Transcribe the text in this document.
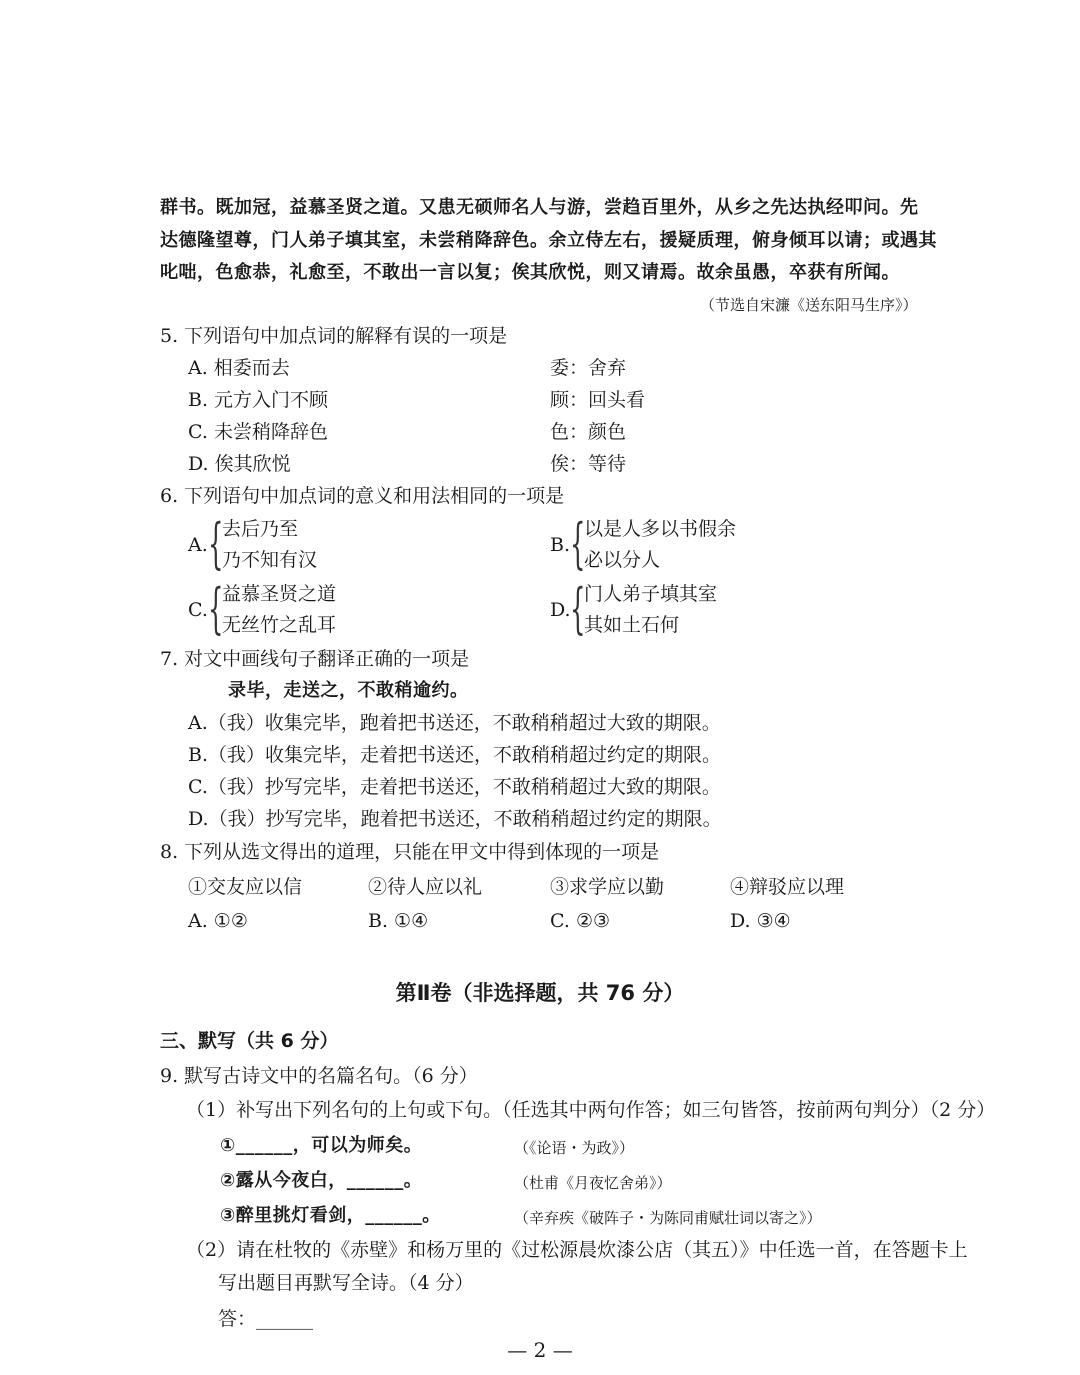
群书。既加冠，益慕圣贤之道。又患无硕师名人与游，尝趋百里外，从乡之先达执经叩问。先
达德隆望尊，门人弟子填其室，未尝稍降辞色。余立侍左右，援疑质理，俯身倾耳以请；或遇其
叱咄，色愈恭，礼愈至，不敢出一言以复；俟其欣悦，则又请焉。故余虽愚，卒获有所闻。
（节选自宋濂《送东阳马生序》）
5. 下列语句中加点词的解释有误的一项是
A. 相委而去	委：舍弃
B. 元方入门不顾	顾：回头看
C. 未尝稍降辞色	色：颜色
D. 俟其欣悦	俟：等待
6. 下列语句中加点词的意义和用法相同的一项是
A. {
去后乃至
乃不知有汉
B. {
以是人多以书假余
必以分人
C. {
益慕圣贤之道
无丝竹之乱耳
D. {
门人弟子填其室
其如土石何
7. 对文中画线句子翻译正确的一项是
录毕，走送之，不敢稍逾约。
A.（我）收集完毕，跑着把书送还，不敢稍稍超过大致的期限。
B.（我）收集完毕，走着把书送还，不敢稍稍超过约定的期限。
C.（我）抄写完毕，走着把书送还，不敢稍稍超过大致的期限。
D.（我）抄写完毕，跑着把书送还，不敢稍稍超过约定的期限。
8. 下列从选文得出的道理，只能在甲文中得到体现的一项是
①交友应以信	②待人应以礼	③求学应以勤	④辩驳应以理
A. ①②	B. ①④	C. ②③	D. ③④
第Ⅱ卷（非选择题，共 76 分）
三、默写（共 6 分）
9. 默写古诗文中的名篇名句。（6 分）
（1）补写出下列名句的上句或下句。（任选其中两句作答；如三句皆答，按前两句判分）（2 分）
①______，可以为师矣。	（《论语・为政》）
②露从今夜白，______。	（杜甫《月夜忆舍弟》）
③醉里挑灯看剑，______。	（辛弃疾《破阵子・为陈同甫赋壮词以寄之》）
（2）请在杜牧的《赤壁》和杨万里的《过松源晨炊漆公店（其五）》中任选一首，在答题卡上
写出题目再默写全诗。（4 分）
答：______
— 2 —
